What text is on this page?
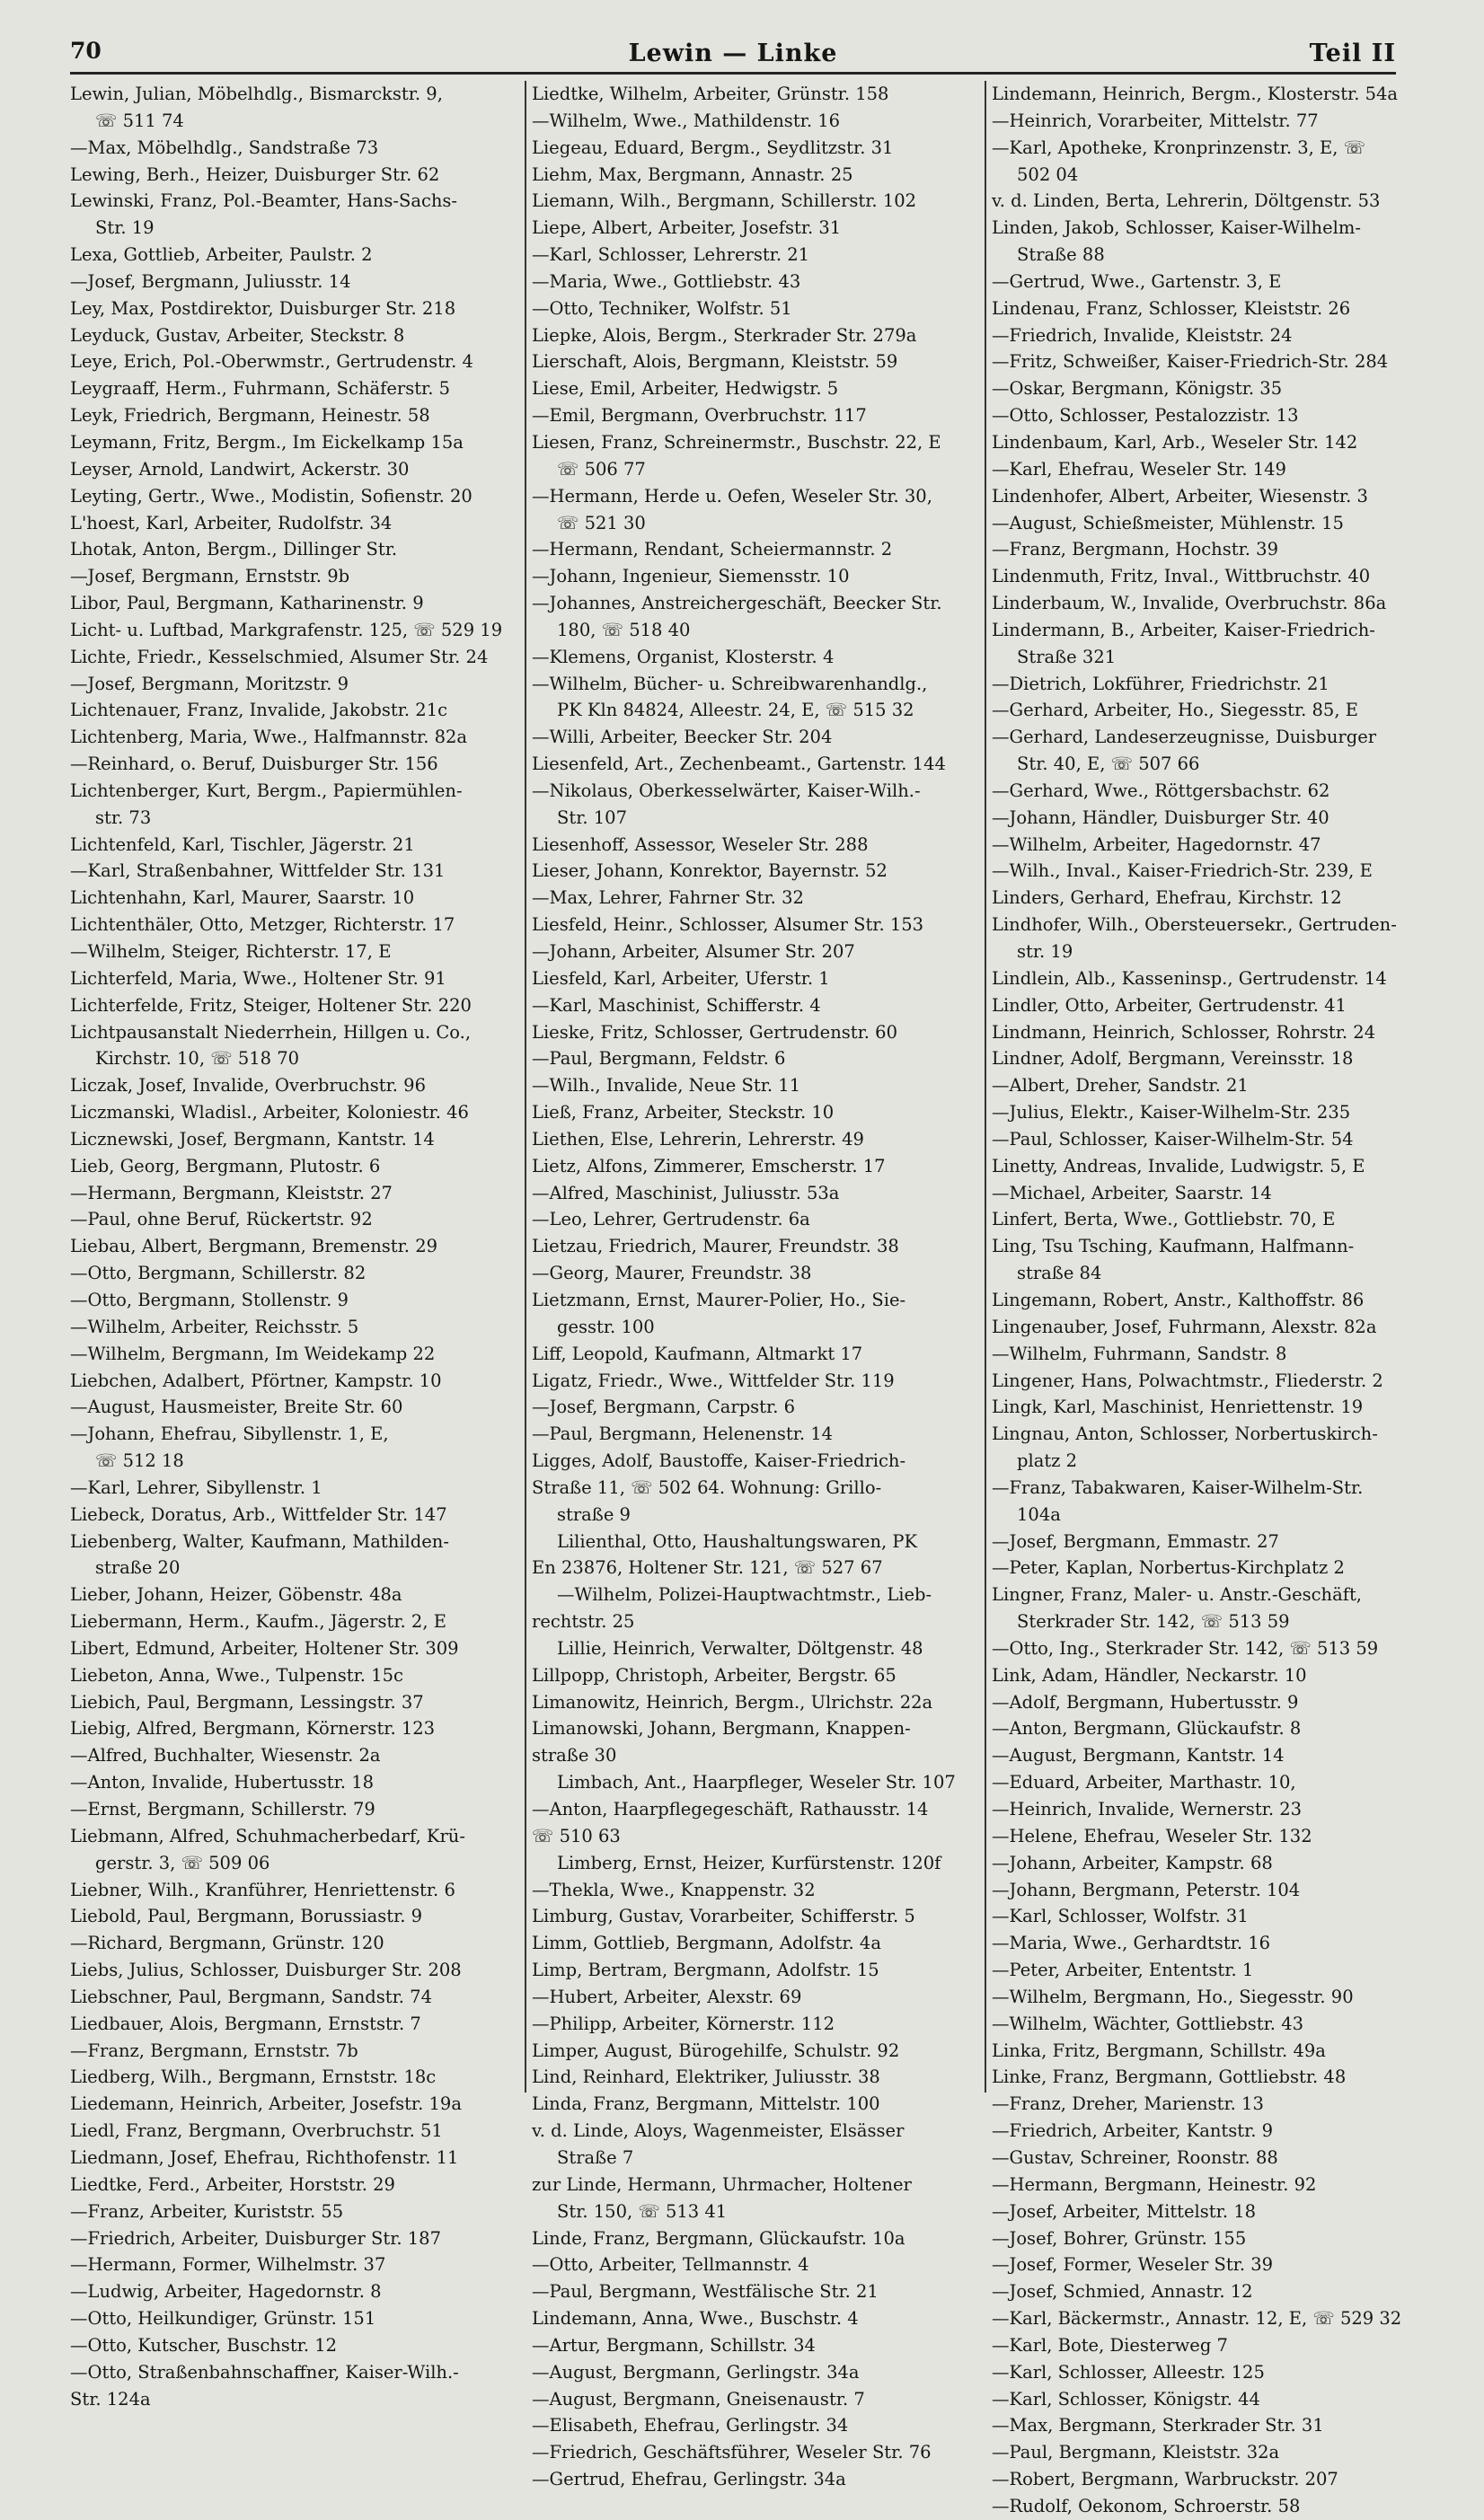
70	Lewin — Linke	Teil II
Lewin, Julian, Möbelhdlg., Bismarckstr. 9,
☏ 511 74
—Max, Möbelhdlg., Sandstraße 73
Lewing, Berh., Heizer, Duisburger Str. 62
Lewinski, Franz, Pol.-Beamter, Hans-Sachs-
Str. 19
Lexa, Gottlieb, Arbeiter, Paulstr. 2
—Josef, Bergmann, Juliusstr. 14
Ley, Max, Postdirektor, Duisburger Str. 218
Leyduck, Gustav, Arbeiter, Steckstr. 8
Leye, Erich, Pol.-Oberwmstr., Gertrudenstr. 4
Leygraaff, Herm., Fuhrmann, Schäferstr. 5
Leyk, Friedrich, Bergmann, Heinestr. 58
Leymann, Fritz, Bergm., Im Eickelkamp 15a
Leyser, Arnold, Landwirt, Ackerstr. 30
Leyting, Gertr., Wwe., Modistin, Sofienstr. 20
L'hoest, Karl, Arbeiter, Rudolfstr. 34
Lhotak, Anton, Bergm., Dillinger Str.
—Josef, Bergmann, Ernststr. 9b
Libor, Paul, Bergmann, Katharinenstr. 9
Licht- u. Luftbad, Markgrafenstr. 125, ☏ 529 19
Lichte, Friedr., Kesselschmied, Alsumer Str. 24
—Josef, Bergmann, Moritzstr. 9
Lichtenauer, Franz, Invalide, Jakobstr. 21c
Lichtenberg, Maria, Wwe., Halfmannstr. 82a
—Reinhard, o. Beruf, Duisburger Str. 156
Lichtenberger, Kurt, Bergm., Papiermühlen-
str. 73
Lichtenfeld, Karl, Tischler, Jägerstr. 21
—Karl, Straßenbahner, Wittfelder Str. 131
Lichtenhahn, Karl, Maurer, Saarstr. 10
Lichtenthäler, Otto, Metzger, Richterstr. 17
—Wilhelm, Steiger, Richterstr. 17, E
Lichterfeld, Maria, Wwe., Holtener Str. 91
Lichterfelde, Fritz, Steiger, Holtener Str. 220
Lichtpausanstalt Niederrhein, Hillgen u. Co.,
Kirchstr. 10, ☏ 518 70
Liczak, Josef, Invalide, Overbruchstr. 96
Liczmanski, Wladisl., Arbeiter, Koloniestr. 46
Licznewski, Josef, Bergmann, Kantstr. 14
Lieb, Georg, Bergmann, Plutostr. 6
—Hermann, Bergmann, Kleiststr. 27
—Paul, ohne Beruf, Rückertstr. 92
Liebau, Albert, Bergmann, Bremenstr. 29
—Otto, Bergmann, Schillerstr. 82
—Otto, Bergmann, Stollenstr. 9
—Wilhelm, Arbeiter, Reichsstr. 5
—Wilhelm, Bergmann, Im Weidekamp 22
Liebchen, Adalbert, Pförtner, Kampstr. 10
—August, Hausmeister, Breite Str. 60
—Johann, Ehefrau, Sibyllenstr. 1, E,
☏ 512 18
—Karl, Lehrer, Sibyllenstr. 1
Liebeck, Doratus, Arb., Wittfelder Str. 147
Liebenberg, Walter, Kaufmann, Mathilden-
straße 20
Lieber, Johann, Heizer, Göbenstr. 48a
Liebermann, Herm., Kaufm., Jägerstr. 2, E
Libert, Edmund, Arbeiter, Holtener Str. 309
Liebeton, Anna, Wwe., Tulpenstr. 15c
Liebich, Paul, Bergmann, Lessingstr. 37
Liebig, Alfred, Bergmann, Körnerstr. 123
—Alfred, Buchhalter, Wiesenstr. 2a
—Anton, Invalide, Hubertusstr. 18
—Ernst, Bergmann, Schillerstr. 79
Liebmann, Alfred, Schuhmacherbedarf, Krü-
gerstr. 3, ☏ 509 06
Liebner, Wilh., Kranführer, Henriettenstr. 6
Liebold, Paul, Bergmann, Borussiastr. 9
—Richard, Bergmann, Grünstr. 120
Liebs, Julius, Schlosser, Duisburger Str. 208
Liebschner, Paul, Bergmann, Sandstr. 74
Liedbauer, Alois, Bergmann, Ernststr. 7
—Franz, Bergmann, Ernststr. 7b
Liedberg, Wilh., Bergmann, Ernststr. 18c
Liedemann, Heinrich, Arbeiter, Josefstr. 19a
Liedl, Franz, Bergmann, Overbruchstr. 51
Liedmann, Josef, Ehefrau, Richthofenstr. 11
Liedtke, Ferd., Arbeiter, Horststr. 29
—Franz, Arbeiter, Kuriststr. 55
—Friedrich, Arbeiter, Duisburger Str. 187
—Hermann, Former, Wilhelmstr. 37
—Ludwig, Arbeiter, Hagedornstr. 8
—Otto, Heilkundiger, Grünstr. 151
—Otto, Kutscher, Buschstr. 12
—Otto, Straßenbahnschaffner, Kaiser-Wilh.-
Str. 124a
Liedtke, Wilhelm, Arbeiter, Grünstr. 158
—Wilhelm, Wwe., Mathildenstr. 16
Liegeau, Eduard, Bergm., Seydlitzstr. 31
Liehm, Max, Bergmann, Annastr. 25
Liemann, Wilh., Bergmann, Schillerstr. 102
Liepe, Albert, Arbeiter, Josefstr. 31
—Karl, Schlosser, Lehrerstr. 21
—Maria, Wwe., Gottliebstr. 43
—Otto, Techniker, Wolfstr. 51
Liepke, Alois, Bergm., Sterkrader Str. 279a
Lierschaft, Alois, Bergmann, Kleiststr. 59
Liese, Emil, Arbeiter, Hedwigstr. 5
—Emil, Bergmann, Overbruchstr. 117
Liesen, Franz, Schreinermstr., Buschstr. 22, E
☏ 506 77
—Hermann, Herde u. Oefen, Weseler Str. 30,
☏ 521 30
—Hermann, Rendant, Scheiermannstr. 2
—Johann, Ingenieur, Siemensstr. 10
—Johannes, Anstreichergeschäft, Beecker Str.
180, ☏ 518 40
—Klemens, Organist, Klosterstr. 4
—Wilhelm, Bücher- u. Schreibwarenhandlg.,
PK Kln 84824, Alleestr. 24, E, ☏ 515 32
—Willi, Arbeiter, Beecker Str. 204
Liesenfeld, Art., Zechenbeamt., Gartenstr. 144
—Nikolaus, Oberkesselwärter, Kaiser-Wilh.-
Str. 107
Liesenhoff, Assessor, Weseler Str. 288
Lieser, Johann, Konrektor, Bayernstr. 52
—Max, Lehrer, Fahrner Str. 32
Liesfeld, Heinr., Schlosser, Alsumer Str. 153
—Johann, Arbeiter, Alsumer Str. 207
Liesfeld, Karl, Arbeiter, Uferstr. 1
—Karl, Maschinist, Schifferstr. 4
Lieske, Fritz, Schlosser, Gertrudenstr. 60
—Paul, Bergmann, Feldstr. 6
—Wilh., Invalide, Neue Str. 11
Ließ, Franz, Arbeiter, Steckstr. 10
Liethen, Else, Lehrerin, Lehrerstr. 49
Lietz, Alfons, Zimmerer, Emscherstr. 17
—Alfred, Maschinist, Juliusstr. 53a
—Leo, Lehrer, Gertrudenstr. 6a
Lietzau, Friedrich, Maurer, Freundstr. 38
—Georg, Maurer, Freundstr. 38
Lietzmann, Ernst, Maurer-Polier, Ho., Sie-
gesstr. 100
Liff, Leopold, Kaufmann, Altmarkt 17
Ligatz, Friedr., Wwe., Wittfelder Str. 119
—Josef, Bergmann, Carpstr. 6
—Paul, Bergmann, Helenenstr. 14
Ligges, Adolf, Baustoffe, Kaiser-Friedrich-
Straße 11, ☏ 502 64. Wohnung: Grillo-
straße 9
Lilienthal, Otto, Haushaltungswaren, PK
En 23876, Holtener Str. 121, ☏ 527 67
—Wilhelm, Polizei-Hauptwachtmstr., Lieb-
rechtstr. 25
Lillie, Heinrich, Verwalter, Döltgenstr. 48
Lillpopp, Christoph, Arbeiter, Bergstr. 65
Limanowitz, Heinrich, Bergm., Ulrichstr. 22a
Limanowski, Johann, Bergmann, Knappen-
straße 30
Limbach, Ant., Haarpfleger, Weseler Str. 107
—Anton, Haarpflegegeschäft, Rathausstr. 14
☏ 510 63
Limberg, Ernst, Heizer, Kurfürstenstr. 120f
—Thekla, Wwe., Knappenstr. 32
Limburg, Gustav, Vorarbeiter, Schifferstr. 5
Limm, Gottlieb, Bergmann, Adolfstr. 4a
Limp, Bertram, Bergmann, Adolfstr. 15
—Hubert, Arbeiter, Alexstr. 69
—Philipp, Arbeiter, Körnerstr. 112
Limper, August, Bürogehilfe, Schulstr. 92
Lind, Reinhard, Elektriker, Juliusstr. 38
Linda, Franz, Bergmann, Mittelstr. 100
v. d. Linde, Aloys, Wagenmeister, Elsässer
Straße 7
zur Linde, Hermann, Uhrmacher, Holtener
Str. 150, ☏ 513 41
Linde, Franz, Bergmann, Glückaufstr. 10a
—Otto, Arbeiter, Tellmannstr. 4
—Paul, Bergmann, Westfälische Str. 21
Lindemann, Anna, Wwe., Buschstr. 4
—Artur, Bergmann, Schillstr. 34
—August, Bergmann, Gerlingstr. 34a
—August, Bergmann, Gneisenaustr. 7
—Elisabeth, Ehefrau, Gerlingstr. 34
—Friedrich, Geschäftsführer, Weseler Str. 76
—Gertrud, Ehefrau, Gerlingstr. 34a
Lindemann, Heinrich, Bergm., Klosterstr. 54a
—Heinrich, Vorarbeiter, Mittelstr. 77
—Karl, Apotheke, Kronprinzenstr. 3, E, ☏
502 04
v. d. Linden, Berta, Lehrerin, Döltgenstr. 53
Linden, Jakob, Schlosser, Kaiser-Wilhelm-
Straße 88
—Gertrud, Wwe., Gartenstr. 3, E
Lindenau, Franz, Schlosser, Kleiststr. 26
—Friedrich, Invalide, Kleiststr. 24
—Fritz, Schweißer, Kaiser-Friedrich-Str. 284
—Oskar, Bergmann, Königstr. 35
—Otto, Schlosser, Pestalozzistr. 13
Lindenbaum, Karl, Arb., Weseler Str. 142
—Karl, Ehefrau, Weseler Str. 149
Lindenhofer, Albert, Arbeiter, Wiesenstr. 3
—August, Schießmeister, Mühlenstr. 15
—Franz, Bergmann, Hochstr. 39
Lindenmuth, Fritz, Inval., Wittbruchstr. 40
Linderbaum, W., Invalide, Overbruchstr. 86a
Lindermann, B., Arbeiter, Kaiser-Friedrich-
Straße 321
—Dietrich, Lokführer, Friedrichstr. 21
—Gerhard, Arbeiter, Ho., Siegesstr. 85, E
—Gerhard, Landeserzeugnisse, Duisburger
Str. 40, E, ☏ 507 66
—Gerhard, Wwe., Röttgersbachstr. 62
—Johann, Händler, Duisburger Str. 40
—Wilhelm, Arbeiter, Hagedornstr. 47
—Wilh., Inval., Kaiser-Friedrich-Str. 239, E
Linders, Gerhard, Ehefrau, Kirchstr. 12
Lindhofer, Wilh., Obersteuersekr., Gertruden-
str. 19
Lindlein, Alb., Kasseninsp., Gertrudenstr. 14
Lindler, Otto, Arbeiter, Gertrudenstr. 41
Lindmann, Heinrich, Schlosser, Rohrstr. 24
Lindner, Adolf, Bergmann, Vereinsstr. 18
—Albert, Dreher, Sandstr. 21
—Julius, Elektr., Kaiser-Wilhelm-Str. 235
—Paul, Schlosser, Kaiser-Wilhelm-Str. 54
Linetty, Andreas, Invalide, Ludwigstr. 5, E
—Michael, Arbeiter, Saarstr. 14
Linfert, Berta, Wwe., Gottliebstr. 70, E
Ling, Tsu Tsching, Kaufmann, Halfmann-
straße 84
Lingemann, Robert, Anstr., Kalthoffstr. 86
Lingenauber, Josef, Fuhrmann, Alexstr. 82a
—Wilhelm, Fuhrmann, Sandstr. 8
Lingener, Hans, Polwachtmstr., Fliederstr. 2
Lingk, Karl, Maschinist, Henriettenstr. 19
Lingnau, Anton, Schlosser, Norbertuskirch-
platz 2
—Franz, Tabakwaren, Kaiser-Wilhelm-Str.
104a
—Josef, Bergmann, Emmastr. 27
—Peter, Kaplan, Norbertus-Kirchplatz 2
Lingner, Franz, Maler- u. Anstr.-Geschäft,
Sterkrader Str. 142, ☏ 513 59
—Otto, Ing., Sterkrader Str. 142, ☏ 513 59
Link, Adam, Händler, Neckarstr. 10
—Adolf, Bergmann, Hubertusstr. 9
—Anton, Bergmann, Glückaufstr. 8
—August, Bergmann, Kantstr. 14
—Eduard, Arbeiter, Marthastr. 10,
—Heinrich, Invalide, Wernerstr. 23
—Helene, Ehefrau, Weseler Str. 132
—Johann, Arbeiter, Kampstr. 68
—Johann, Bergmann, Peterstr. 104
—Karl, Schlosser, Wolfstr. 31
—Maria, Wwe., Gerhardtstr. 16
—Peter, Arbeiter, Ententstr. 1
—Wilhelm, Bergmann, Ho., Siegesstr. 90
—Wilhelm, Wächter, Gottliebstr. 43
Linka, Fritz, Bergmann, Schillstr. 49a
Linke, Franz, Bergmann, Gottliebstr. 48
—Franz, Dreher, Marienstr. 13
—Friedrich, Arbeiter, Kantstr. 9
—Gustav, Schreiner, Roonstr. 88
—Hermann, Bergmann, Heinestr. 92
—Josef, Arbeiter, Mittelstr. 18
—Josef, Bohrer, Grünstr. 155
—Josef, Former, Weseler Str. 39
—Josef, Schmied, Annastr. 12
—Karl, Bäckermstr., Annastr. 12, E, ☏ 529 32
—Karl, Bote, Diesterweg 7
—Karl, Schlosser, Alleestr. 125
—Karl, Schlosser, Königstr. 44
—Max, Bergmann, Sterkrader Str. 31
—Paul, Bergmann, Kleiststr. 32a
—Robert, Bergmann, Warbruckstr. 207
—Rudolf, Oekonom, Schroerstr. 58
